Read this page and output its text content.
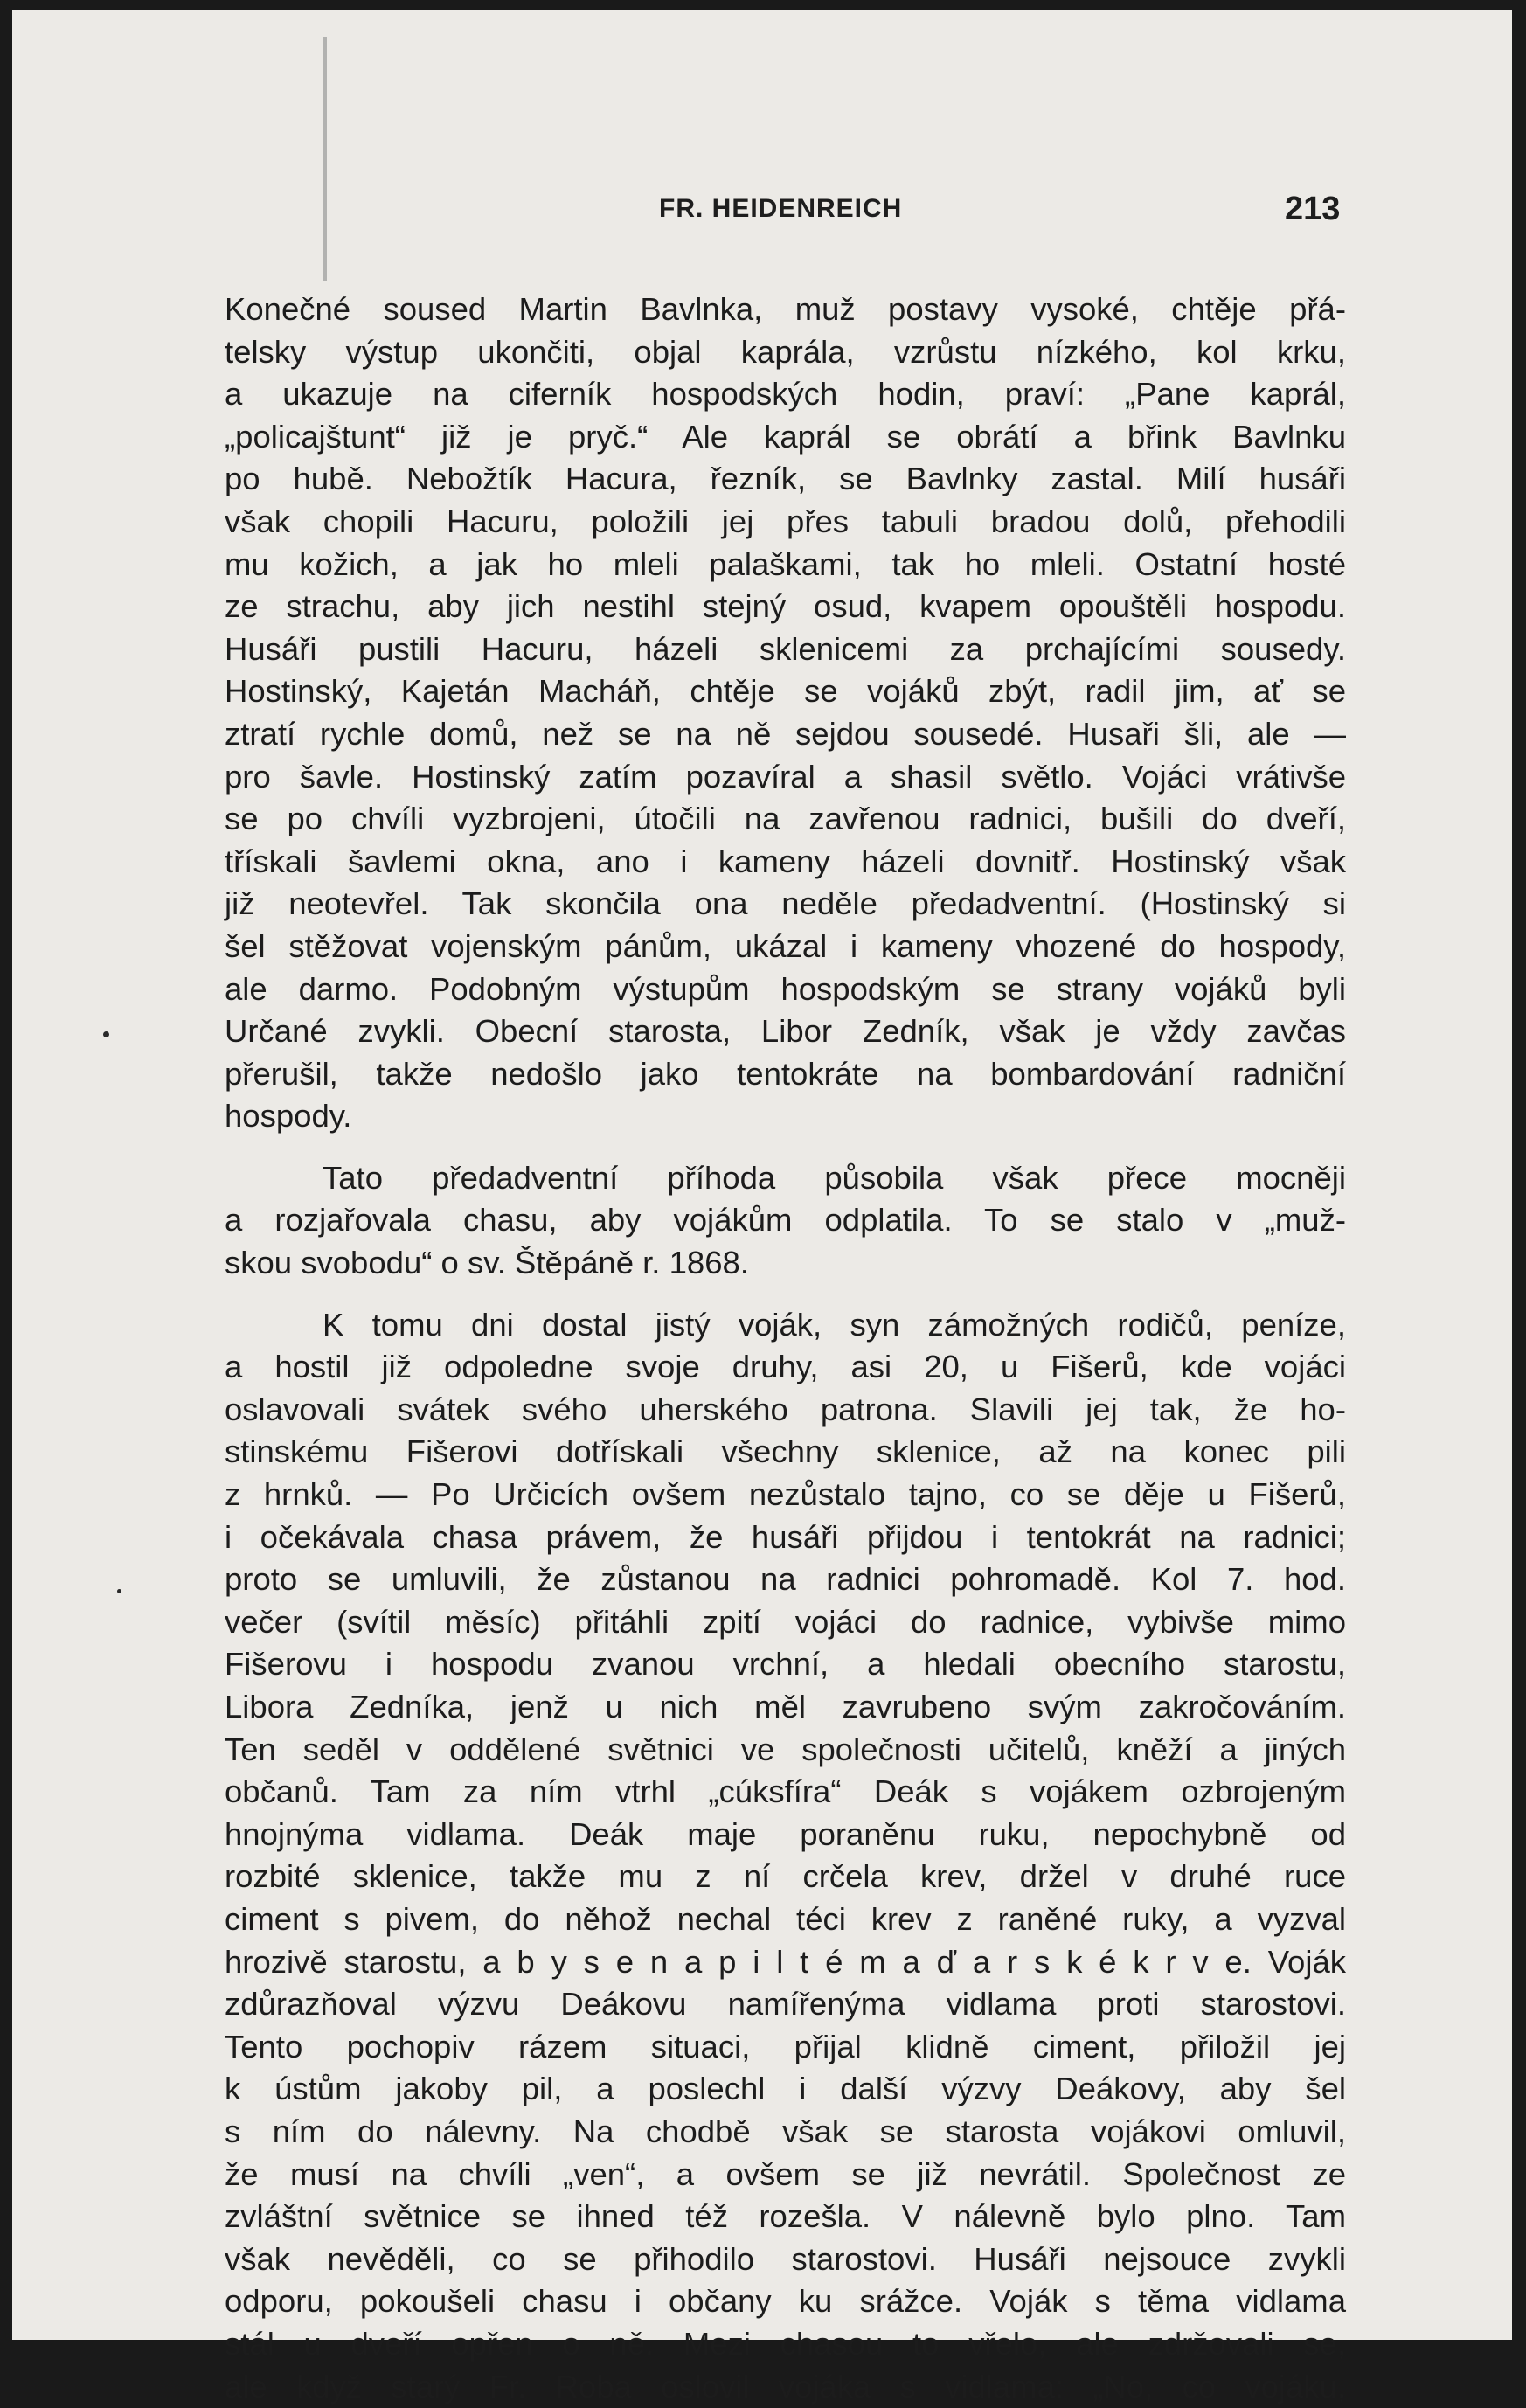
FR. HEIDENREICH	213
Konečné soused Martin Bavlnka, muž postavy vysoké, chtěje přá-
telsky výstup ukončiti, objal kaprála, vzrůstu nízkého, kol krku,
a ukazuje na ciferník hospodských hodin, praví: „Pane kaprál,
„policajštunt“ již je pryč.“ Ale kaprál se obrátí a břink Bavlnku
po hubě. Nebožtík Hacura, řezník, se Bavlnky zastal. Milí husáři
však chopili Hacuru, položili jej přes tabuli bradou dolů, přehodili
mu kožich, a jak ho mleli palaškami, tak ho mleli. Ostatní hosté
ze strachu, aby jich nestihl stejný osud, kvapem opouštěli hospodu.
Husáři pustili Hacuru, házeli sklenicemi za prchajícími sousedy.
Hostinský, Kajetán Macháň, chtěje se vojáků zbýt, radil jim, ať se
ztratí rychle domů, než se na ně sejdou sousedé. Husaři šli, ale —
pro šavle. Hostinský zatím pozavíral a shasil světlo. Vojáci vrátivše
se po chvíli vyzbrojeni, útočili na zavřenou radnici, bušili do dveří,
třískali šavlemi okna, ano i kameny házeli dovnitř. Hostinský však
již neotevřel. Tak skončila ona neděle předadventní. (Hostinský si
šel stěžovat vojenským pánům, ukázal i kameny vhozené do hospody,
ale darmo. Podobným výstupům hospodským se strany vojáků byli
Určané zvykli. Obecní starosta, Libor Zedník, však je vždy zavčas
přerušil, takže nedošlo jako tentokráte na bombardování radniční
hospody.
Tato předadventní příhoda působila však přece mocněji
a rozjařovala chasu, aby vojákům odplatila. To se stalo v „muž-
skou svobodu“ o sv. Štěpáně r. 1868.
K tomu dni dostal jistý voják, syn zámožných rodičů, peníze,
a hostil již odpoledne svoje druhy, asi 20, u Fišerů, kde vojáci
oslavovali svátek svého uherského patrona. Slavili jej tak, že ho-
stinskému Fišerovi dotřískali všechny sklenice, až na konec pili
z hrnků. — Po Určicích ovšem nezůstalo tajno, co se děje u Fišerů,
i očekávala chasa právem, že husáři přijdou i tentokrát na radnici;
proto se umluvili, že zůstanou na radnici pohromadě. Kol 7. hod.
večer (svítil měsíc) přitáhli zpití vojáci do radnice, vybivše mimo
Fišerovu i hospodu zvanou vrchní, a hledali obecního starostu,
Libora Zedníka, jenž u nich měl zavrubeno svým zakročováním.
Ten seděl v oddělené světnici ve společnosti učitelů, kněží a jiných
občanů. Tam za ním vtrhl „cúksfíra“ Deák s vojákem ozbrojeným
hnojnýma vidlama. Deák maje poraněnu ruku, nepochybně od
rozbité sklenice, takže mu z ní crčela krev, držel v druhé ruce
ciment s pivem, do něhož nechal téci krev z raněné ruky, a vyzval
hrozivě starostu, a b y s e n a p i l t é m a ď a r s k é k r v e. Voják
zdůrazňoval výzvu Deákovu namířenýma vidlama proti starostovi.
Tento pochopiv rázem situaci, přijal klidně ciment, přiložil jej
k ústům jakoby pil, a poslechl i další výzvy Deákovy, aby šel
s ním do nálevny. Na chodbě však se starosta vojákovi omluvil,
že musí na chvíli „ven“, a ovšem se již nevrátil. Společnost ze
zvláštní světnice se ihned též rozešla. V nálevně bylo plno. Tam
však nevěděli, co se přihodilo starostovi. Husáři nejsouce zvykli
odporu, pokoušeli chasu i občany ku srážce. Voják s těma vidlama
stál u dveří opřen o ně. Mezi chasou to vřelo, ale zdržovali se,
ale když starý Fr. Roba oslovil vojáka s vidlama: „No, co vojáku,
